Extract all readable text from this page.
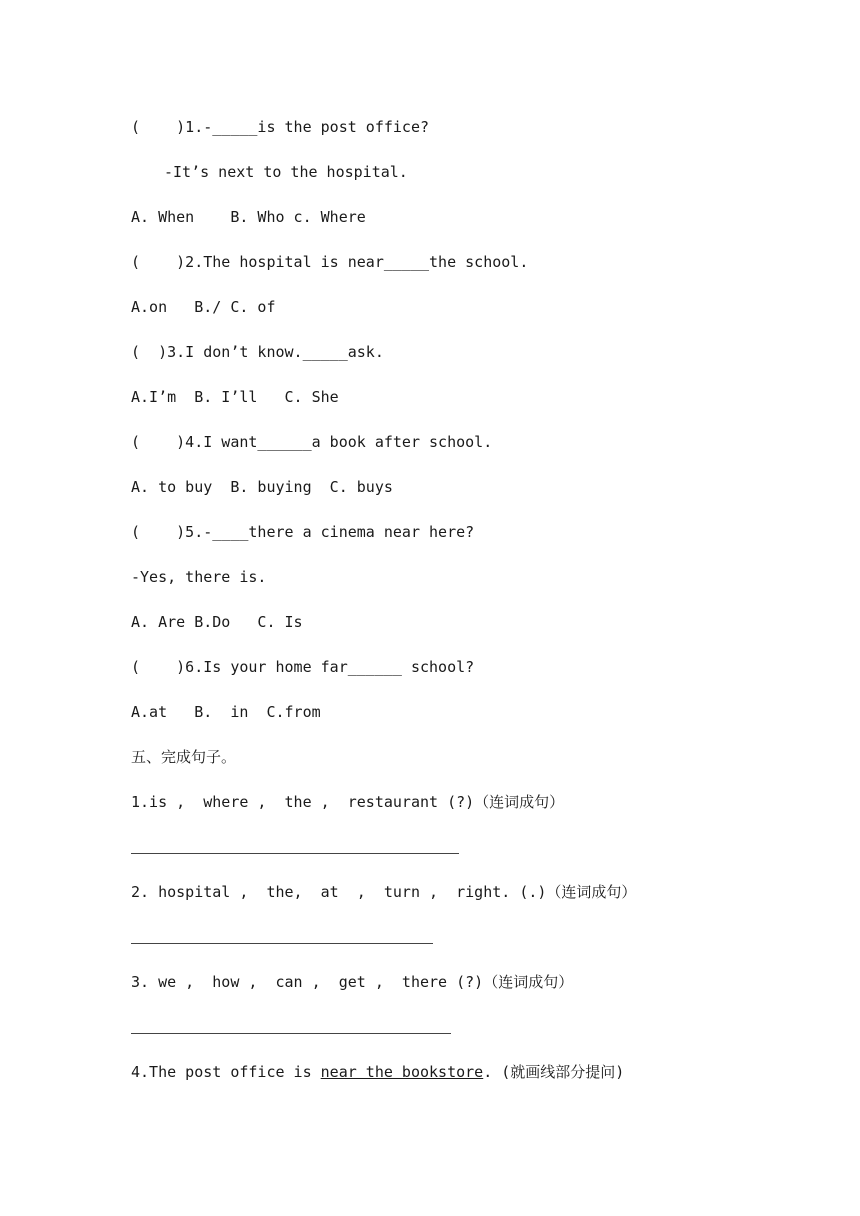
(    )1.-_____is the post office?
-It’s next to the hospital.
A. When    B. Who c. Where
(    )2.The hospital is near_____the school.
A.on   B./ C. of
(  )3.I don’t know._____ask.
A.I’m  B. I’ll   C. She
(    )4.I want______a book after school.
A. to buy  B. buying  C. buys
(    )5.-____there a cinema near here?
-Yes, there is.
A. Are B.Do   C. Is
(    )6.Is your home far______ school?
A.at   B.  in  C.from
五、完成句子。
1.is ,  where ,  the ,  restaurant (?)（连词成句）
2. hospital ,  the,  at  ,  turn ,  right. (.)（连词成句）
3. we ,  how ,  can ,  get ,  there (?)（连词成句）
4.The post office is near the bookstore. (就画线部分提问)
